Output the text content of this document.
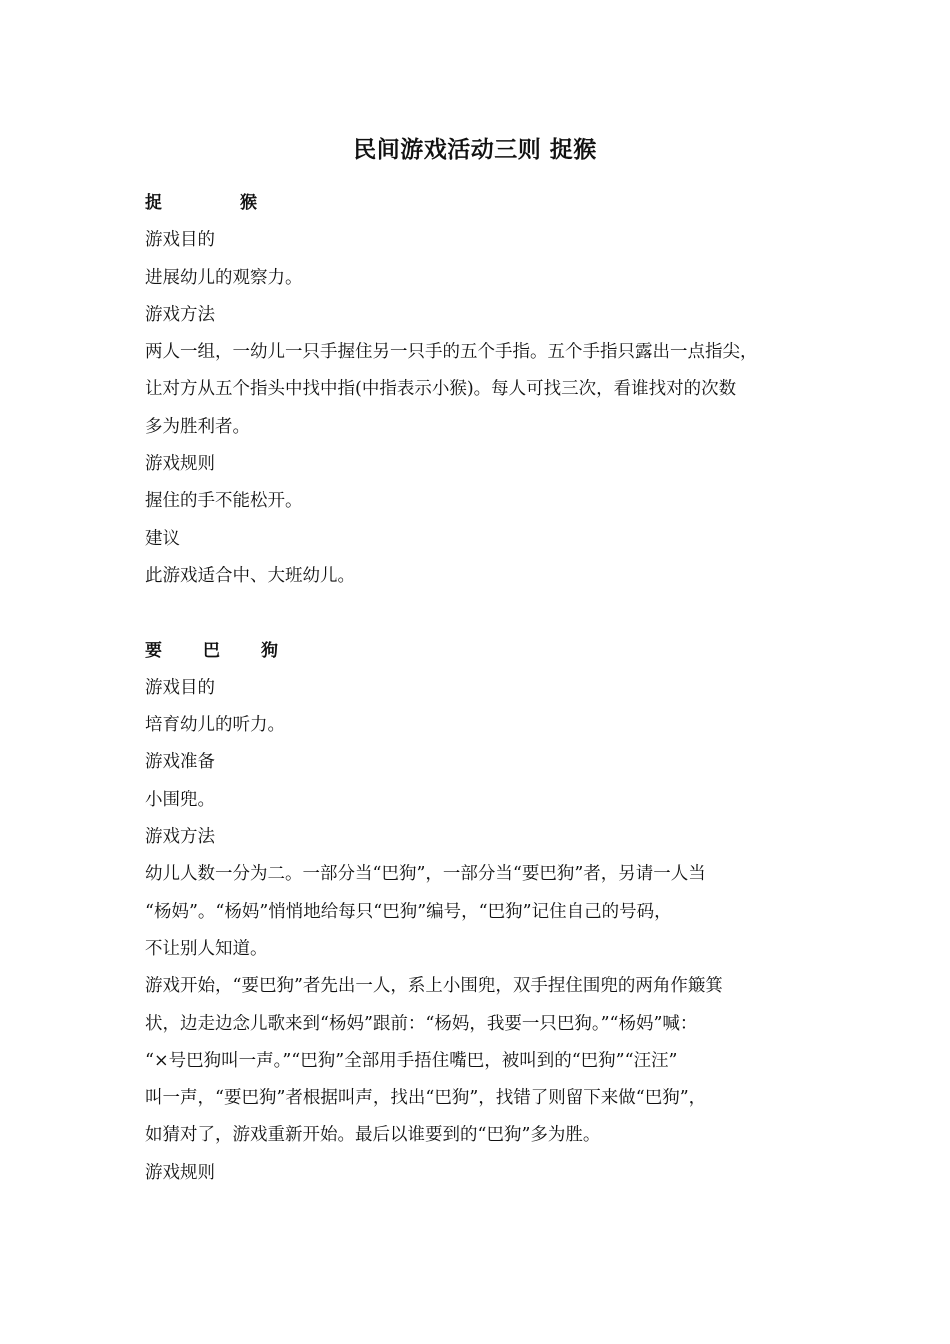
民间游戏活动三则 捉猴
捉	猴
游戏目的
进展幼儿的观察力。
游戏方法
两人一组，一幼儿一只手握住另一只手的五个手指。五个手指只露出一点指尖，
让对方从五个指头中找中指(中指表示小猴)。每人可找三次，看谁找对的次数
多为胜利者。
游戏规则
握住的手不能松开。
建议
此游戏适合中、大班幼儿。
要 巴 狗
游戏目的
培育幼儿的听力。
游戏准备
小围兜。
游戏方法
幼儿人数一分为二。一部分当“巴狗”，一部分当“要巴狗”者，另请一人当
“杨妈”。“杨妈”悄悄地给每只“巴狗”编号，“巴狗”记住自己的号码，
不让别人知道。
游戏开始，“要巴狗”者先出一人，系上小围兜，双手捏住围兜的两角作簸箕
状，边走边念儿歌来到“杨妈”跟前：“杨妈，我要一只巴狗。”“杨妈”喊：
“×号巴狗叫一声。”“巴狗”全部用手捂住嘴巴，被叫到的“巴狗”“汪汪”
叫一声，“要巴狗”者根据叫声，找出“巴狗”，找错了则留下来做“巴狗”，
如猜对了，游戏重新开始。最后以谁要到的“巴狗”多为胜。
游戏规则
